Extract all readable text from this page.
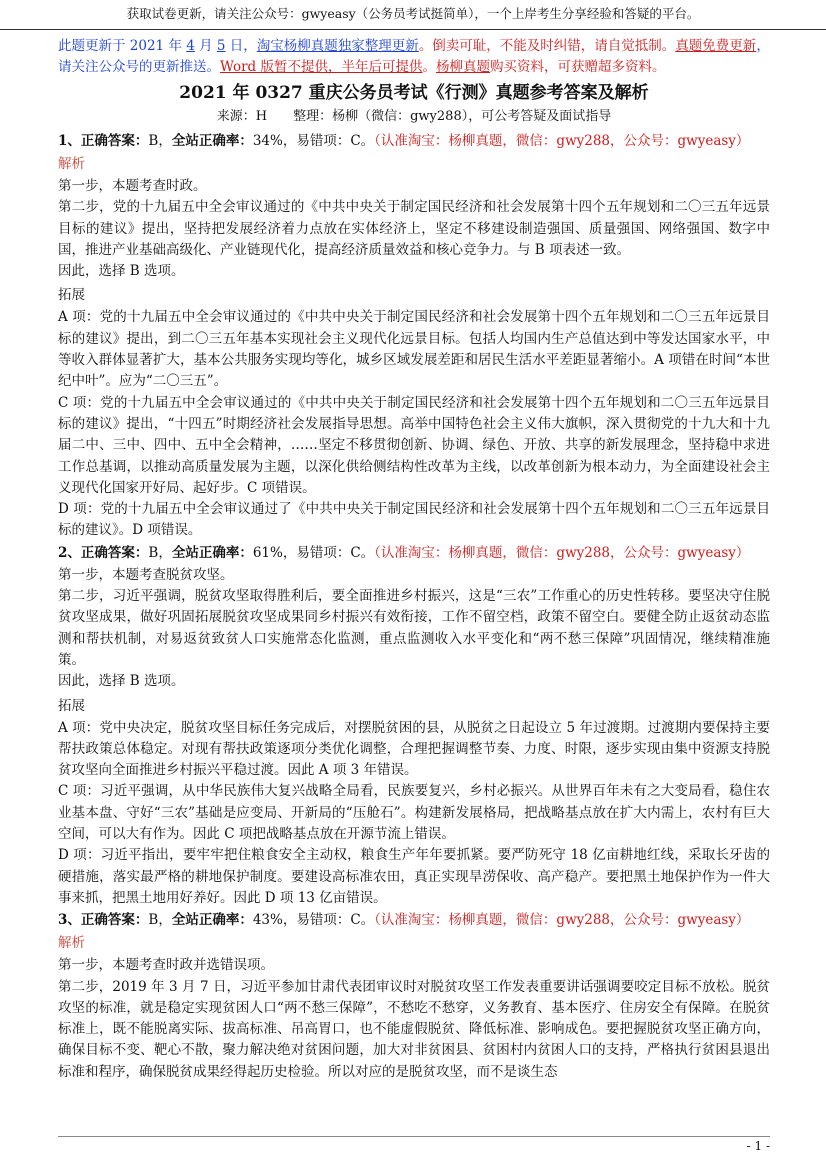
获取试卷更新，请关注公众号：gwyeasy（公务员考试挺简单），一个上岸考生分享经验和答疑的平台。

此题更新于 2021 年 4 月 5 日，淘宝杨柳真题独家整理更新。倒卖可耻，不能及时纠错，请自觉抵制。真题免费更新，请关注公众号的更新推送。Word 版暂不提供，半年后可提供。杨柳真题购买资料，可获赠超多资料。

2021 年 0327 重庆公务员考试《行测》真题参考答案及解析

来源：H　　整理：杨柳（微信：gwy288），可公考答疑及面试指导

1、正确答案：B，全站正确率：34%，易错项：C。（认准淘宝：杨柳真题，微信：gwy288，公众号：gwyeasy）

解析

第一步，本题考查时政。

第二步，党的十九届五中全会审议通过的《中共中央关于制定国民经济和社会发展第十四个五年规划和二〇三五年远景目标的建议》提出，坚持把发展经济着力点放在实体经济上，坚定不移建设制造强国、质量强国、网络强国、数字中国，推进产业基础高级化、产业链现代化，提高经济质量效益和核心竞争力。与 B 项表述一致。

因此，选择 B 选项。

拓展

A 项：党的十九届五中全会审议通过的《中共中央关于制定国民经济和社会发展第十四个五年规划和二〇三五年远景目标的建议》提出，到二〇三五年基本实现社会主义现代化远景目标。包括人均国内生产总值达到中等发达国家水平，中等收入群体显著扩大，基本公共服务实现均等化，城乡区域发展差距和居民生活水平差距显著缩小。A 项错在时间“本世纪中叶”。应为“二〇三五”。

C 项：党的十九届五中全会审议通过的《中共中央关于制定国民经济和社会发展第十四个五年规划和二〇三五年远景目标的建议》提出，“十四五”时期经济社会发展指导思想。高举中国特色社会主义伟大旗帜，深入贯彻党的十九大和十九届二中、三中、四中、五中全会精神，……坚定不移贯彻创新、协调、绿色、开放、共享的新发展理念，坚持稳中求进工作总基调，以推动高质量发展为主题，以深化供给侧结构性改革为主线，以改革创新为根本动力，为全面建设社会主义现代化国家开好局、起好步。C 项错误。

D 项：党的十九届五中全会审议通过了《中共中央关于制定国民经济和社会发展第十四个五年规划和二〇三五年远景目标的建议》。D 项错误。

2、正确答案：B，全站正确率：61%，易错项：C。（认准淘宝：杨柳真题，微信：gwy288，公众号：gwyeasy）

第一步，本题考查脱贫攻坚。

第二步，习近平强调，脱贫攻坚取得胜利后，要全面推进乡村振兴，这是“三农”工作重心的历史性转移。要坚决守住脱贫攻坚成果，做好巩固拓展脱贫攻坚成果同乡村振兴有效衔接，工作不留空档，政策不留空白。要健全防止返贫动态监测和帮扶机制，对易返贫致贫人口实施常态化监测，重点监测收入水平变化和“两不愁三保障”巩固情况，继续精准施策。

因此，选择 B 选项。

拓展

A 项：党中央决定，脱贫攻坚目标任务完成后，对摆脱贫困的县，从脱贫之日起设立 5 年过渡期。过渡期内要保持主要帮扶政策总体稳定。对现有帮扶政策逐项分类优化调整，合理把握调整节奏、力度、时限，逐步实现由集中资源支持脱贫攻坚向全面推进乡村振兴平稳过渡。因此 A 项 3 年错误。

C 项：习近平强调，从中华民族伟大复兴战略全局看，民族要复兴，乡村必振兴。从世界百年未有之大变局看，稳住农业基本盘、守好“三农”基础是应变局、开新局的“压舱石”。构建新发展格局，把战略基点放在扩大内需上，农村有巨大空间，可以大有作为。因此 C 项把战略基点放在开源节流上错误。

D 项：习近平指出，要牢牢把住粮食安全主动权，粮食生产年年要抓紧。要严防死守 18 亿亩耕地红线，采取长牙齿的硬措施，落实最严格的耕地保护制度。要建设高标准农田，真正实现旱涝保收、高产稳产。要把黑土地保护作为一件大事来抓，把黑土地用好养好。因此 D 项 13 亿亩错误。

3、正确答案：B，全站正确率：43%，易错项：C。（认准淘宝：杨柳真题，微信：gwy288，公众号：gwyeasy）

解析

第一步，本题考查时政并选错误项。

第二步，2019 年 3 月 7 日，习近平参加甘肃代表团审议时对脱贫攻坚工作发表重要讲话强调要咬定目标不放松。脱贫攻坚的标准，就是稳定实现贫困人口“两不愁三保障”，不愁吃不愁穿，义务教育、基本医疗、住房安全有保障。在脱贫标准上，既不能脱离实际、拔高标准、吊高胃口，也不能虚假脱贫、降低标准、影响成色。要把握脱贫攻坚正确方向，确保目标不变、靶心不散，聚力解决绝对贫困问题，加大对非贫困县、贫困村内贫困人口的支持，严格执行贫困县退出标准和程序，确保脱贫成果经得起历史检验。所以对应的是脱贫攻坚，而不是谈生态

- 1 -
